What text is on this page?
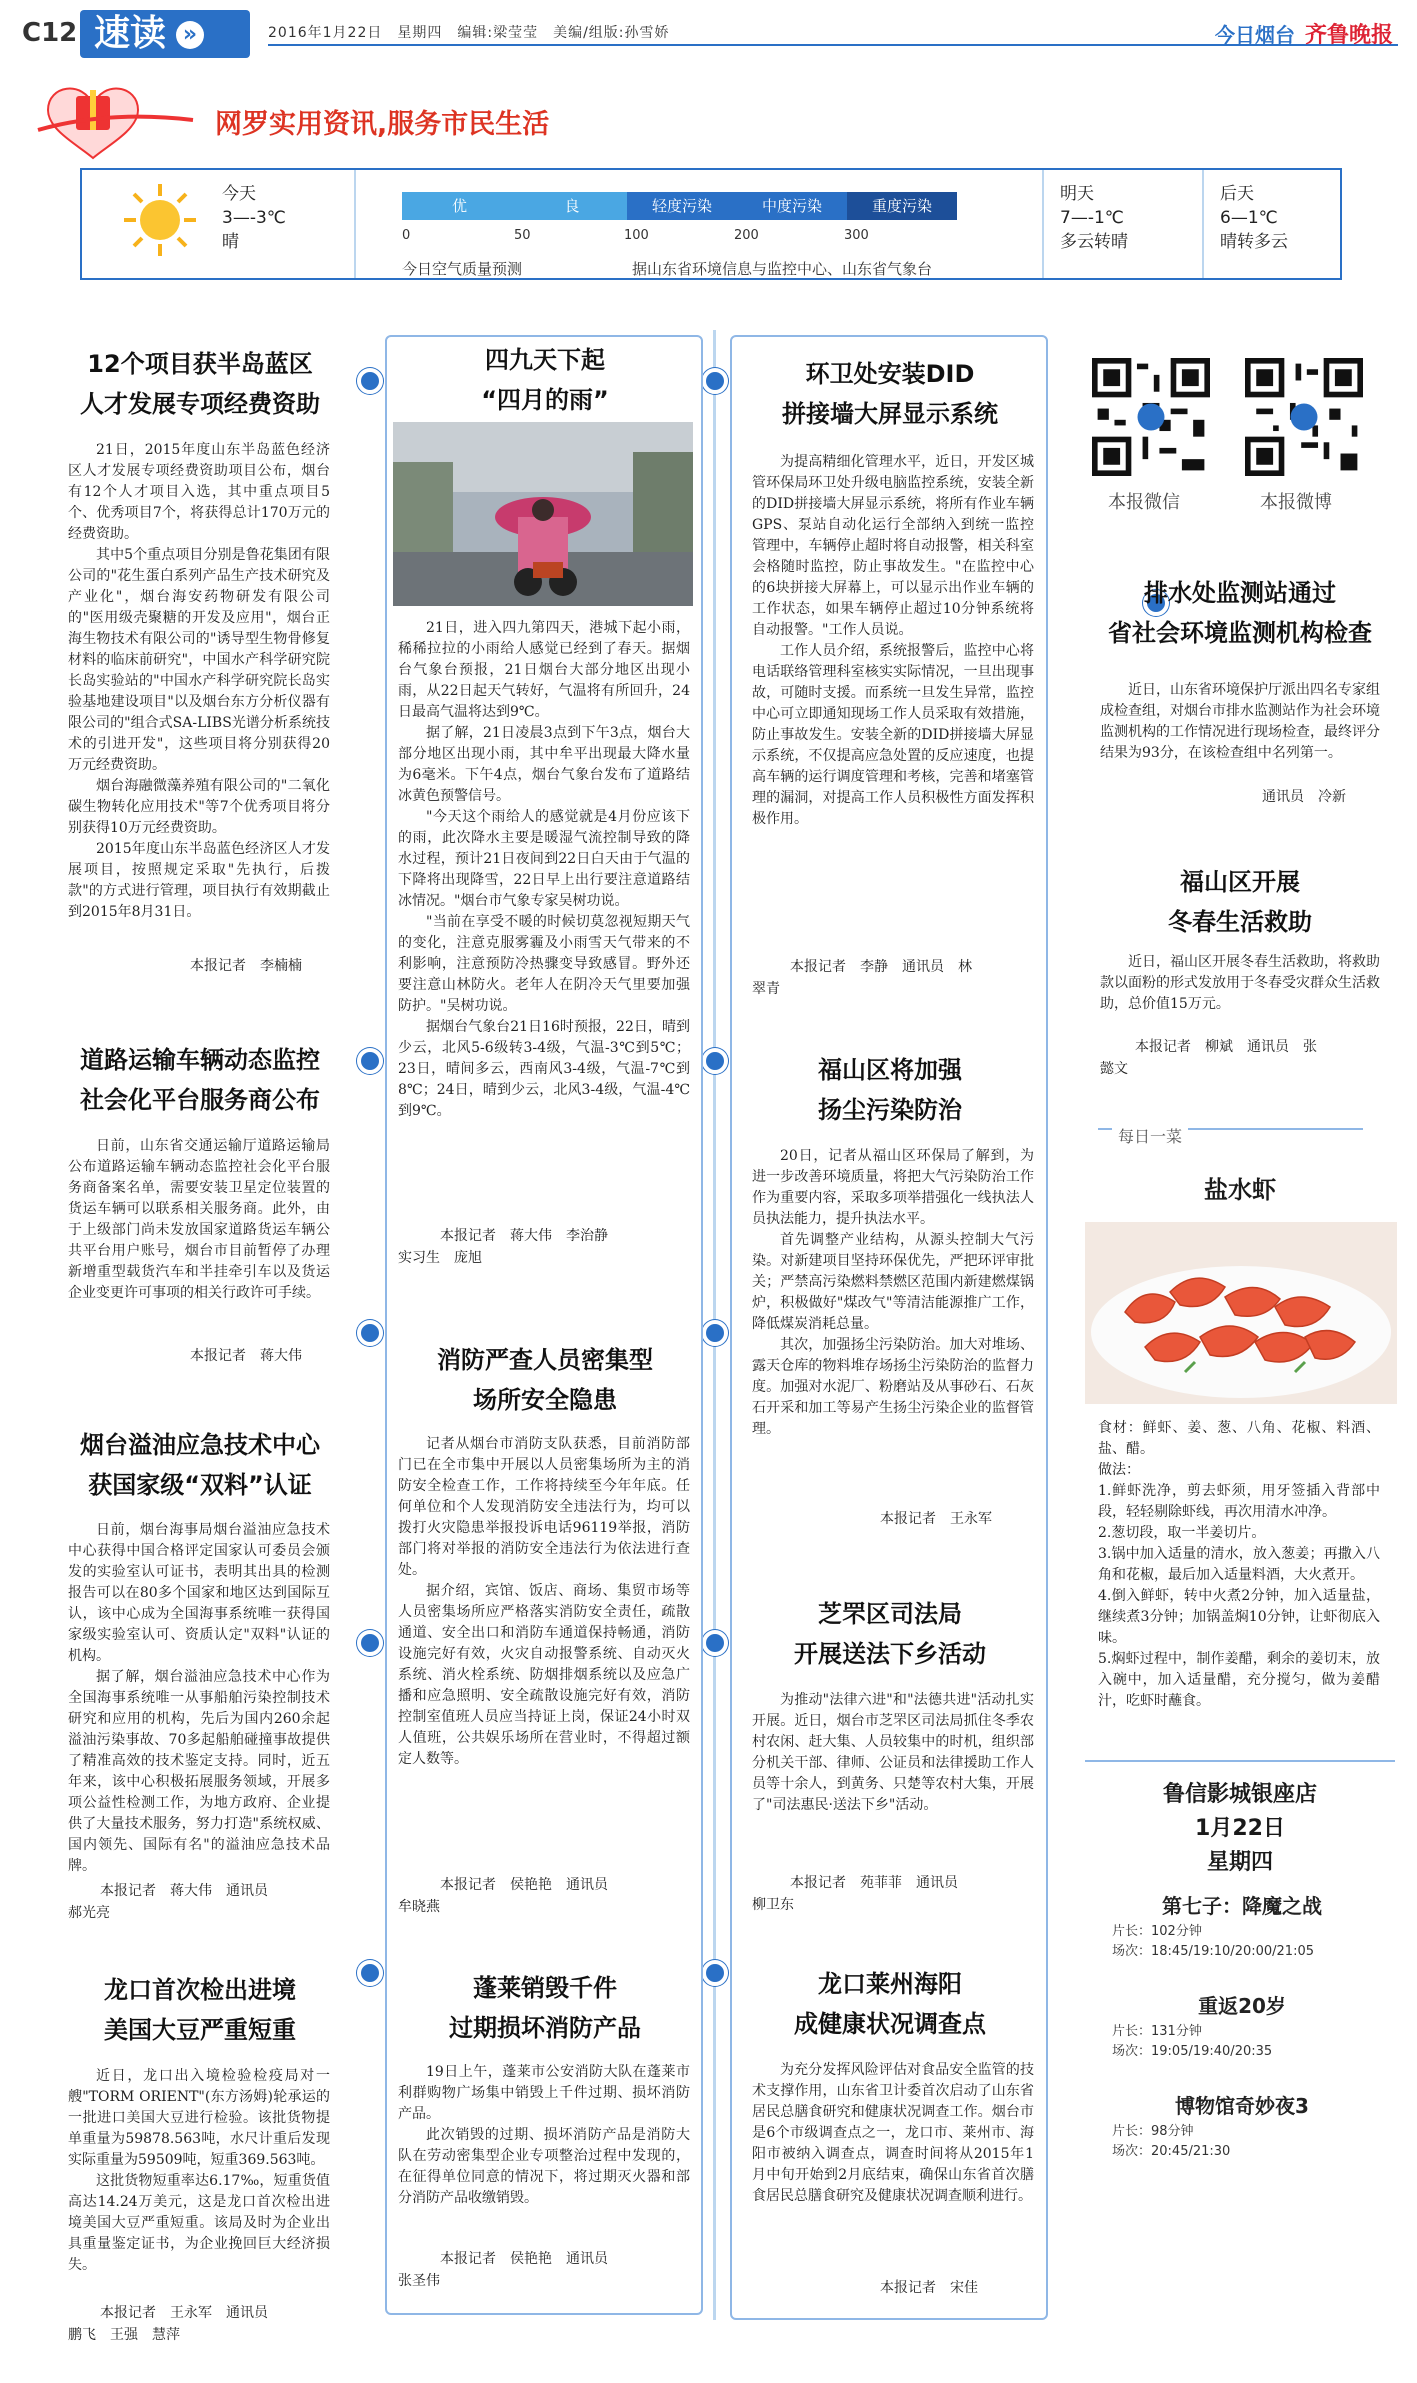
C12 速读 »	2016年1月22日　星期四　编辑:梁莹莹　美编/组版:孙雪娇	今日烟台 齐鲁晚报
网罗实用资讯,服务市民生活
今天
3—-3℃
晴
优	良	轻度污染	中度污染	重度污染
0	50	100	200	300
今日空气质量预测	据山东省环境信息与监控中心、山东省气象台
明天
7—-1℃
多云转晴
后天
6—1℃
晴转多云
12个项目获半岛蓝区
人才发展专项经费资助

21日，2015年度山东半岛蓝色经济区人才发展专项经费资助项目公布，烟台有12个人才项目入选，其中重点项目5个、优秀项目7个，将获得总计170万元的经费资助。

其中5个重点项目分别是鲁花集团有限公司的"花生蛋白系列产品生产技术研究及产业化"，烟台海安药物研发有限公司的"医用级壳聚糖的开发及应用"，烟台正海生物技术有限公司的"诱导型生物骨修复材料的临床前研究"，中国水产科学研究院长岛实验站的"中国水产科学研究院长岛实验基地建设项目"以及烟台东方分析仪器有限公司的"组合式SA-LIBS光谱分析系统技术的引进开发"，这些项目将分别获得20万元经费资助。

烟台海融微藻养殖有限公司的"二氧化碳生物转化应用技术"等7个优秀项目将分别获得10万元经费资助。

2015年度山东半岛蓝色经济区人才发展项目，按照规定采取"先执行，后拨款"的方式进行管理，项目执行有效期截止到2015年8月31日。

本报记者　李楠楠
道路运输车辆动态监控
社会化平台服务商公布

日前，山东省交通运输厅道路运输局公布道路运输车辆动态监控社会化平台服务商备案名单，需要安装卫星定位装置的货运车辆可以联系相关服务商。此外，由于上级部门尚未发放国家道路货运车辆公共平台用户账号，烟台市目前暂停了办理新增重型载货汽车和半挂牵引车以及货运企业变更许可事项的相关行政许可手续。

本报记者　蒋大伟
烟台溢油应急技术中心
获国家级“双料”认证

日前，烟台海事局烟台溢油应急技术中心获得中国合格评定国家认可委员会颁发的实验室认可证书，表明其出具的检测报告可以在80多个国家和地区达到国际互认，该中心成为全国海事系统唯一获得国家级实验室认可、资质认定"双料"认证的机构。

据了解，烟台溢油应急技术中心作为全国海事系统唯一从事船舶污染控制技术研究和应用的机构，先后为国内260余起溢油污染事故、70多起船舶碰撞事故提供了精准高效的技术鉴定支持。同时，近五年来，该中心积极拓展服务领域，开展多项公益性检测工作，为地方政府、企业提供了大量技术服务，努力打造"系统权威、国内领先、国际有名"的溢油应急技术品牌。

本报记者　蒋大伟　通讯员
郝光亮
龙口首次检出进境
美国大豆严重短重

近日，龙口出入境检验检疫局对一艘"TORM ORIENT"(东方汤姆)轮承运的一批进口美国大豆进行检验。该批货物提单重量为59878.563吨，水尺计重后发现实际重量为59509吨，短重369.563吨。

这批货物短重率达6.17‰，短重货值高达14.24万美元，这是龙口首次检出进境美国大豆严重短重。该局及时为企业出具重量鉴定证书，为企业挽回巨大经济损失。

本报记者　王永军　通讯员
鹏飞　王强　慧萍
四九天下起
“四月的雨”

21日，进入四九第四天，港城下起小雨，稀稀拉拉的小雨给人感觉已经到了春天。据烟台气象台预报，21日烟台大部分地区出现小雨，从22日起天气转好，气温将有所回升，24日最高气温将达到9℃。

据了解，21日凌晨3点到下午3点，烟台大部分地区出现小雨，其中牟平出现最大降水量为6毫米。下午4点，烟台气象台发布了道路结冰黄色预警信号。

"今天这个雨给人的感觉就是4月份应该下的雨，此次降水主要是暖湿气流控制导致的降水过程，预计21日夜间到22日白天由于气温的下降将出现降雪，22日早上出行要注意道路结冰情况。"烟台市气象专家吴树功说。

"当前在享受不暖的时候切莫忽视短期天气的变化，注意克服雾霾及小雨雪天气带来的不利影响，注意预防冷热骤变导致感冒。野外还要注意山林防火。老年人在阴冷天气里要加强防护。"吴树功说。

据烟台气象台21日16时预报，22日，晴到少云，北风5-6级转3-4级，气温-3℃到5℃；23日，晴间多云，西南风3-4级，气温-7℃到8℃；24日，晴到少云，北风3-4级，气温-4℃到9℃。

本报记者　蒋大伟　李治静
实习生　庞旭
消防严查人员密集型
场所安全隐患

记者从烟台市消防支队获悉，目前消防部门已在全市集中开展以人员密集场所为主的消防安全检查工作，工作将持续至今年年底。任何单位和个人发现消防安全违法行为，均可以拨打火灾隐患举报投诉电话96119举报，消防部门将对举报的消防安全违法行为依法进行查处。

据介绍，宾馆、饭店、商场、集贸市场等人员密集场所应严格落实消防安全责任，疏散通道、安全出口和消防车通道保持畅通，消防设施完好有效，火灾自动报警系统、自动灭火系统、消火栓系统、防烟排烟系统以及应急广播和应急照明、安全疏散设施完好有效，消防控制室值班人员应当持证上岗，保证24小时双人值班，公共娱乐场所在营业时，不得超过额定人数等。

本报记者　侯艳艳　通讯员
牟晓燕
蓬莱销毁千件
过期损坏消防产品

19日上午，蓬莱市公安消防大队在蓬莱市利群购物广场集中销毁上千件过期、损坏消防产品。

此次销毁的过期、损坏消防产品是消防大队在劳动密集型企业专项整治过程中发现的，在征得单位同意的情况下，将过期灭火器和部分消防产品收缴销毁。

本报记者　侯艳艳　通讯员
张圣伟
环卫处安装DID
拼接墙大屏显示系统

为提高精细化管理水平，近日，开发区城管环保局环卫处升级电脑监控系统，安装全新的DID拼接墙大屏显示系统，将所有作业车辆GPS、泵站自动化运行全部纳入到统一监控管理中，车辆停止超时将自动报警，相关科室会格随时监控，防止事故发生。"在监控中心的6块拼接大屏幕上，可以显示出作业车辆的工作状态，如果车辆停止超过10分钟系统将自动报警。"工作人员说。

工作人员介绍，系统报警后，监控中心将电话联络管理科室核实实际情况，一旦出现事故，可随时支援。而系统一旦发生异常，监控中心可立即通知现场工作人员采取有效措施，防止事故发生。安装全新的DID拼接墙大屏显示系统，不仅提高应急处置的反应速度，也提高车辆的运行调度管理和考核，完善和堵塞管理的漏洞，对提高工作人员积极性方面发挥积极作用。

本报记者　李静　通讯员　林
翠青
福山区将加强
扬尘污染防治

20日，记者从福山区环保局了解到，为进一步改善环境质量，将把大气污染防治工作作为重要内容，采取多项举措强化一线执法人员执法能力，提升执法水平。

首先调整产业结构，从源头控制大气污染。对新建项目坚持环保优先，严把环评审批关；严禁高污染燃料禁燃区范围内新建燃煤锅炉，积极做好"煤改气"等清洁能源推广工作，降低煤炭消耗总量。

其次，加强扬尘污染防治。加大对堆场、露天仓库的物料堆存场扬尘污染防治的监督力度。加强对水泥厂、粉磨站及从事砂石、石灰石开采和加工等易产生扬尘污染企业的监督管理。

本报记者　王永军
芝罘区司法局
开展送法下乡活动

为推动"法律六进"和"法德共进"活动扎实开展。近日，烟台市芝罘区司法局抓住冬季农村农闲、赶大集、人员较集中的时机，组织部分机关干部、律师、公证员和法律援助工作人员等十余人，到黄务、只楚等农村大集，开展了"司法惠民·送法下乡"活动。

本报记者　苑菲菲　通讯员
柳卫东
龙口莱州海阳
成健康状况调查点

为充分发挥风险评估对食品安全监管的技术支撑作用，山东省卫计委首次启动了山东省居民总膳食研究和健康状况调查工作。烟台市是6个市级调查点之一，龙口市、莱州市、海阳市被纳入调查点，调查时间将从2015年1月中旬开始到2月底结束，确保山东省首次膳食居民总膳食研究及健康状况调查顺利进行。

本报记者　宋佳
本报微信	本报微博
排水处监测站通过
省社会环境监测机构检查

近日，山东省环境保护厅派出四名专家组成检查组，对烟台市排水监测站作为社会环境监测机构的工作情况进行现场检查，最终评分结果为93分，在该检查组中名列第一。

通讯员　冷新
福山区开展
冬春生活救助

近日，福山区开展冬春生活救助，将救助款以面粉的形式发放用于冬春受灾群众生活救助，总价值15万元。

本报记者　柳斌　通讯员　张
懿文
每日一菜
盐水虾
食材：鲜虾、姜、葱、八角、花椒、料酒、盐、醋。
做法：
1.鲜虾洗净，剪去虾须，用牙签插入背部中段，轻轻剔除虾线，再次用清水冲净。
2.葱切段，取一半姜切片。
3.锅中加入适量的清水，放入葱姜；再撒入八角和花椒，最后加入适量料酒，大火煮开。
4.倒入鲜虾，转中火煮2分钟，加入适量盐，继续煮3分钟；加锅盖焖10分钟，让虾彻底入味。
5.焖虾过程中，制作姜醋，剩余的姜切末，放入碗中，加入适量醋，充分搅匀，做为姜醋汁，吃虾时蘸食。
鲁信影城银座店
1月22日
星期四
第七子：降魔之战
片长：102分钟
场次：18:45/19:10/20:00/21:05
重返20岁
片长：131分钟
场次：19:05/19:40/20:35
博物馆奇妙夜3
片长：98分钟
场次：20:45/21:30
